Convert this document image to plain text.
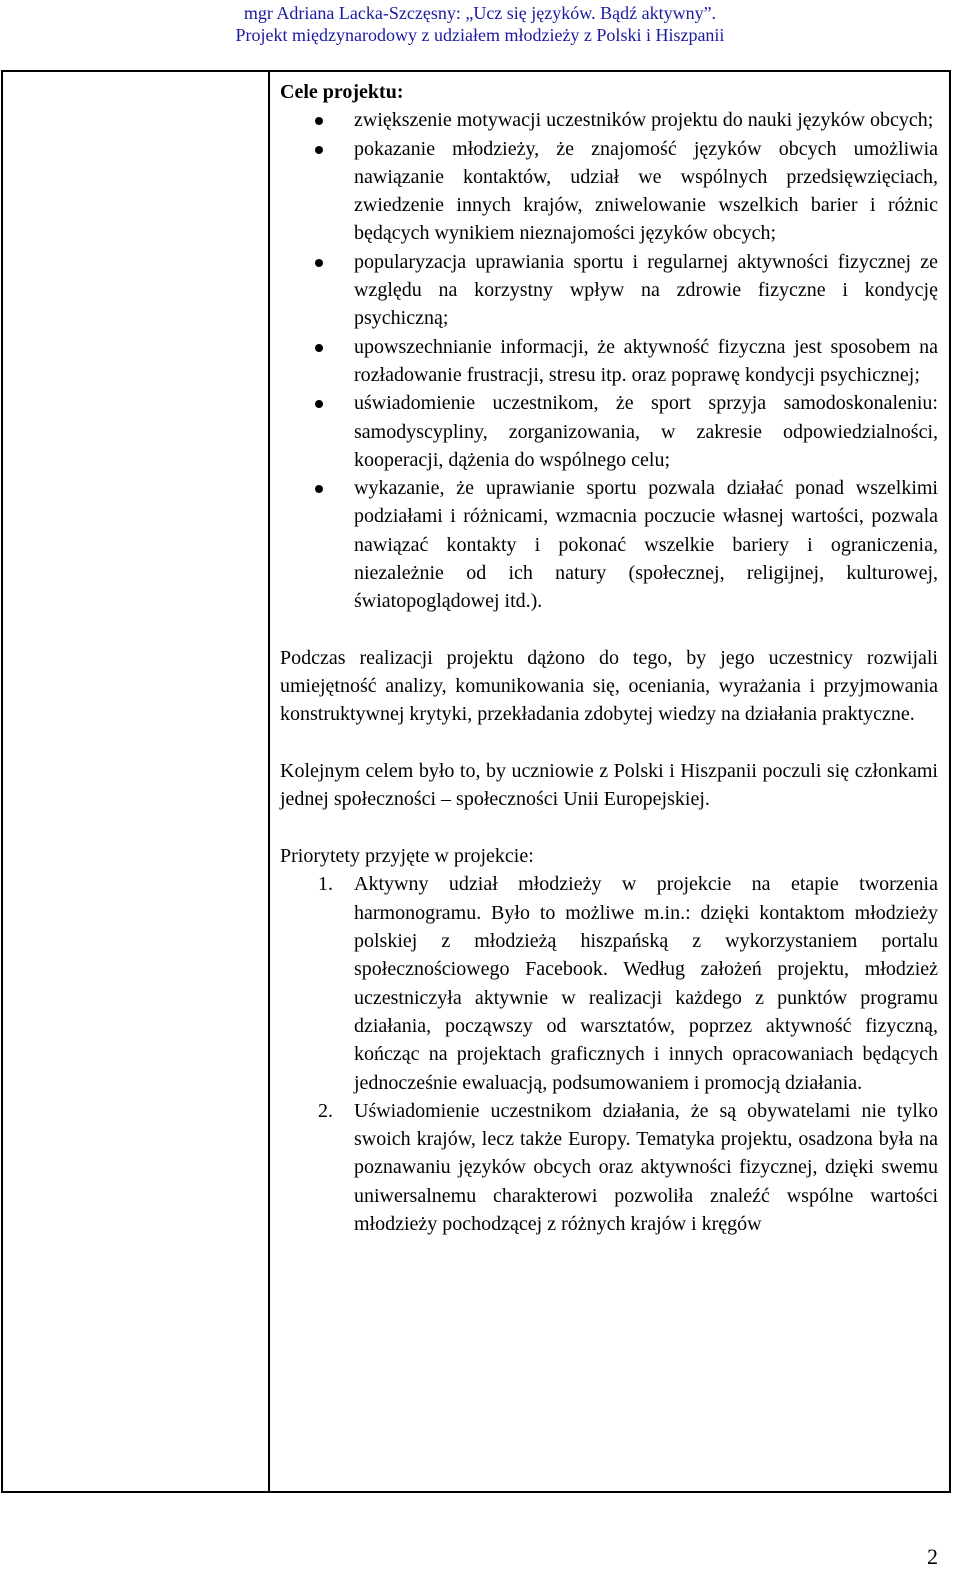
mgr Adriana Lacka-Szczęsny: „Ucz się języków. Bądź aktywny”.
Projekt międzynarodowy z udziałem młodzieży z Polski i Hiszpanii

Cele projektu:

zwiększenie motywacji uczestników projektu do nauki języków obcych;
pokazanie młodzieży, że znajomość języków obcych umożliwia nawiązanie kontaktów, udział we wspólnych przedsięwzięciach, zwiedzenie innych krajów, zniwelowanie wszelkich barier i różnic będących wynikiem nieznajomości języków obcych;
popularyzacja uprawiania sportu i regularnej aktywności fizycznej ze względu na korzystny wpływ na zdrowie fizyczne i kondycję psychiczną;
upowszechnianie informacji, że aktywność fizyczna jest sposobem na rozładowanie frustracji, stresu itp. oraz poprawę kondycji psychicznej;
uświadomienie uczestnikom, że sport sprzyja samodoskonaleniu: samodyscypliny, zorganizowania, w zakresie odpowiedzialności, kooperacji, dążenia do wspólnego celu;
wykazanie, że uprawianie sportu pozwala działać ponad wszelkimi podziałami i różnicami, wzmacnia poczucie własnej wartości, pozwala nawiązać kontakty i pokonać wszelkie bariery i ograniczenia, niezależnie od ich natury (społecznej, religijnej, kulturowej, światopoglądowej itd.).

Podczas realizacji projektu dążono do tego, by jego uczestnicy rozwijali umiejętność analizy, komunikowania się, oceniania, wyrażania i przyjmowania konstruktywnej krytyki, przekładania zdobytej wiedzy na działania praktyczne.

Kolejnym celem było to, by uczniowie z Polski i Hiszpanii poczuli się członkami jednej społeczności – społeczności Unii Europejskiej.

Priorytety przyjęte w projekcie:

1. Aktywny udział młodzieży w projekcie na etapie tworzenia harmonogramu. Było to możliwe m.in.: dzięki kontaktom młodzieży polskiej z młodzieżą hiszpańską z wykorzystaniem portalu społecznościowego Facebook. Według założeń projektu, młodzież uczestniczyła aktywnie w realizacji każdego z punktów programu działania, począwszy od warsztatów, poprzez aktywność fizyczną, kończąc na projektach graficznych i innych opracowaniach będących jednocześnie ewaluacją, podsumowaniem i promocją działania.
2. Uświadomienie uczestnikom działania, że są obywatelami nie tylko swoich krajów, lecz także Europy. Tematyka projektu, osadzona była na poznawaniu języków obcych oraz aktywności fizycznej, dzięki swemu uniwersalnemu charakterowi pozwoliła znaleźć wspólne wartości młodzieży pochodzącej z różnych krajów i kręgów
2
